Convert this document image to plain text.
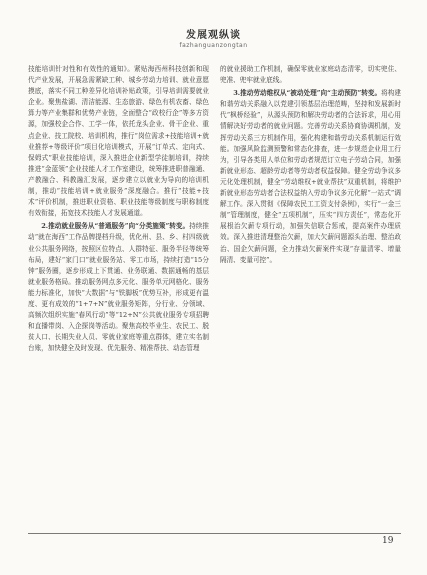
发展观纵谈
fazhanguanzongtan

技能培训针对性和有效性的通知》。紧贴海西州科技创新和现代产业发展，开展急需紧缺工种、城乡劳动力培训、就业意愿摸底，落实不同工种差异化培训补贴政策，引导培训需要就业企业。聚焦盐湖、清洁能源、生态旅游、绿色有机农畜、绿色算力等产业集群和优势产业链，全面整合“政校行企”等多方资源，加强校企合作、工学一体，依托龙头企业、骨干企业、重点企业、技工院校、培训机构，推行“岗位需求+技能培训+就业推荐+等级评价”项目化培训模式，开展“订单式、定向式、保姆式”职业技能培训，深入推进企业新型学徒制培训，持续推进“金蓝领”企业技能人才工作室建设，统筹推进职普融通、产教融合、科教融汇发展，逐步建立以就业为导向的培训机制，推动“技能培训+就业服务”深度融合。推行“技能+技术”评价机制，推进职业资格、职业技能等级制度与职称制度有效衔接，拓宽技术技能人才发展通道。

2.推动就业服务从“普通服务”向“分类施策”转变。持续推动“就在海西”工作品牌提档升级，优化州、县、乡、村四级就业公共服务网络，按照区位特点、人群特征、服务半径等统筹布局，建好“家门口”就业服务站、零工市场，持续打造“15分钟”服务圈，逐步形成上下贯通、业务联通、数据通畅的基层就业服务格局。推动服务网点多元化、服务单元网格化、服务能力标准化，加快“大数据”与“铁脚板”优势互补，形成更有温度、更有成效的“1+7+N”就业服务矩阵，分行业、分领域、高频次组织实施“春风行动”等“12+N”公共就业服务专项招聘和直播带岗、入企探岗等活动。聚焦高校毕业生、农民工、脱贫人口、长期失业人员、零就业家庭等重点群体，建立实名制台账，加快健全及时发现、优先服务、精准帮扶、动态管理

的就业援助工作机制，确保零就业家庭动态清零，切实兜住、兜准、兜牢就业底线。

3.推动劳动维权从“被动处理”向“主动预防”转变。将构建和谐劳动关系融入以党建引领基层治理范畴，坚持和发展新时代“枫桥经验”，从源头预防和解决劳动者的合法诉求，用心用情解决好劳动者的就业问题。完善劳动关系协商协调机制，发挥劳动关系三方机制作用，强化构建和谐劳动关系机制运行效能。加强风险监测预警和常态化排查，进一步规范企业用工行为，引导各类用人单位和劳动者规范订立电子劳动合同，加强新就业形态、超龄劳动者等劳动者权益保障。健全劳动争议多元化处理机制，健全“劳动维权+就业帮扶”双重机制，将维护新就业形态劳动者合法权益纳入劳动争议多元化解“一站式”调解工作。深入贯彻《保障农民工工资支付条例》，实行“一金三制”管理制度，健全“五项机制”，压实“四方责任”，常态化开展根治欠薪专项行动，加强失信联合惩戒，提高案件办理质效。深入推进清理整治欠薪，加大欠薪问题源头治理、整治政治、国企欠薪问题，全力推动欠薪案件实现“存量清零、增量隔清、变量可控”。

19
